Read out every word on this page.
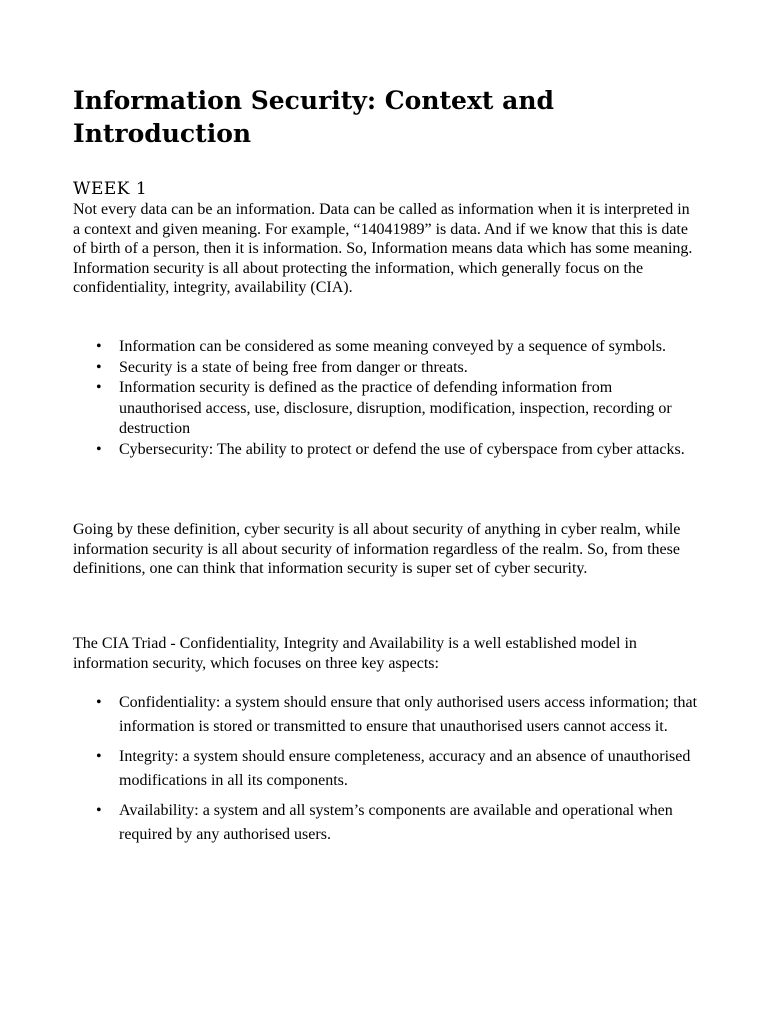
Information Security: Context and Introduction
WEEK 1

Not every data can be an information. Data can be called as information when it is interpreted in a context and given meaning. For example, “14041989” is data. And if we know that this is date of birth of a person, then it is information. So, Information means data which has some meaning. Information security is all about protecting the information, which generally focus on the confidentiality, integrity, availability (CIA).

• Information can be considered as some meaning conveyed by a sequence of symbols.
• Security is a state of being free from danger or threats.
• Information security is defined as the practice of defending information from unauthorised access, use, disclosure, disruption, modification, inspection, recording or destruction
• Cybersecurity: The ability to protect or defend the use of cyberspace from cyber attacks.

Going by these definition, cyber security is all about security of anything in cyber realm, while information security is all about security of information regardless of the realm. So, from these definitions, one can think that information security is super set of cyber security.

The CIA Triad - Confidentiality, Integrity and Availability is a well established model in information security, which focuses on three key aspects:

• Confidentiality: a system should ensure that only authorised users access information; that information is stored or transmitted to ensure that unauthorised users cannot access it.
• Integrity: a system should ensure completeness, accuracy and an absence of unauthorised modifications in all its components.
• Availability: a system and all system’s components are available and operational when required by any authorised users.
